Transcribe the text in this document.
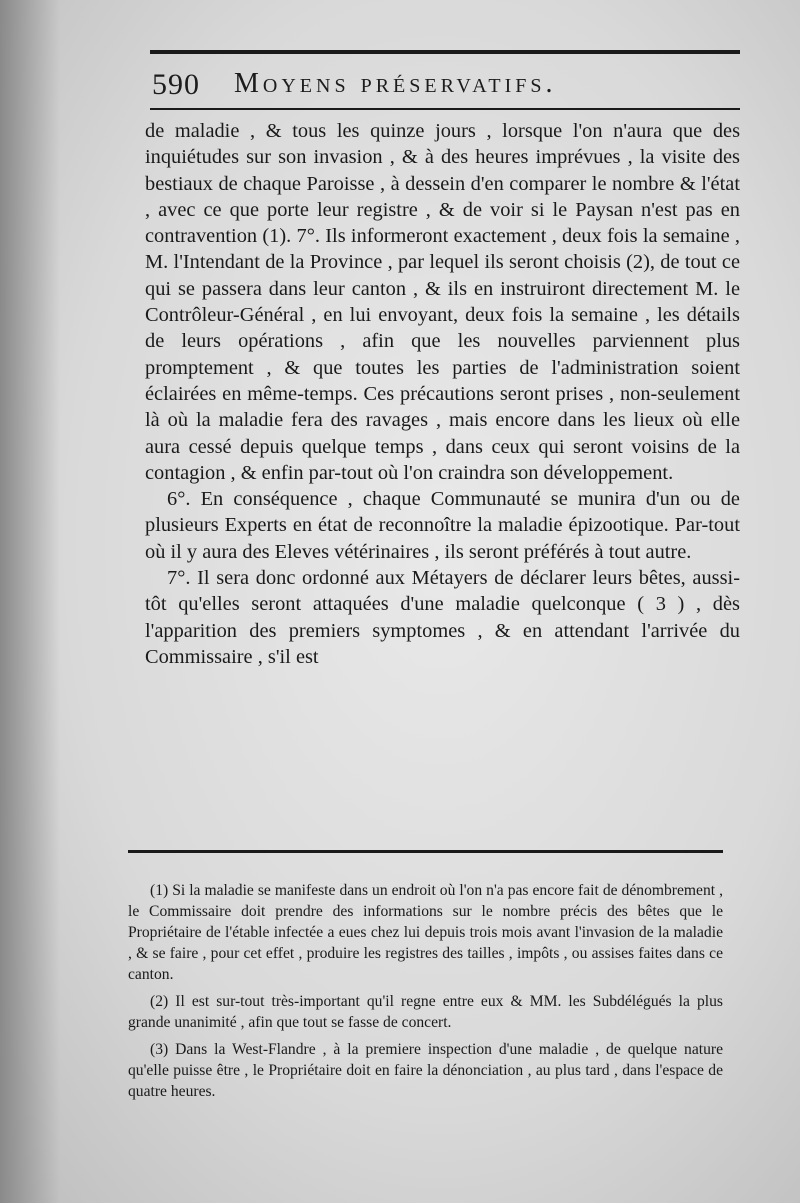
590 Moyens préservatifs.

de maladie , & tous les quinze jours , lorsque l'on n'aura que des inquiétudes sur son invasion , & à des heures imprévues , la visite des bestiaux de chaque Paroisse , à dessein d'en comparer le nombre & l'état , avec ce que porte leur registre , & de voir si le Paysan n'est pas en contravention (1). 7°. Ils informeront exactement , deux fois la semaine , M. l'Intendant de la Province , par lequel ils seront choisis (2), de tout ce qui se passera dans leur canton , & ils en instruiront directement M. le Contrôleur-Général , en lui envoyant, deux fois la semaine , les détails de leurs opérations , afin que les nouvelles parviennent plus promptement , & que toutes les parties de l'administration soient éclairées en même-temps. Ces précautions seront prises , non-seulement là où la maladie fera des ravages , mais encore dans les lieux où elle aura cessé depuis quelque temps , dans ceux qui seront voisins de la contagion , & enfin par-tout où l'on craindra son développement.

6°. En conséquence , chaque Communauté se munira d'un ou de plusieurs Experts en état de reconnoître la maladie épizootique. Par-tout où il y aura des Eleves vétérinaires , ils seront préférés à tout autre.

7°. Il sera donc ordonné aux Métayers de déclarer leurs bêtes, aussi-tôt qu'elles seront attaquées d'une maladie quelconque ( 3 ) , dès l'apparition des premiers symptomes , & en attendant l'arrivée du Commissaire , s'il est

(1) Si la maladie se manifeste dans un endroit où l'on n'a pas encore fait de dénombrement , le Commissaire doit prendre des informations sur le nombre précis des bêtes que le Propriétaire de l'étable infectée a eues chez lui depuis trois mois avant l'invasion de la maladie , & se faire , pour cet effet , produire les registres des tailles , impôts , ou assises faites dans ce canton.

(2) Il est sur-tout très-important qu'il regne entre eux & MM. les Subdélégués la plus grande unanimité , afin que tout se fasse de concert.

(3) Dans la West-Flandre , à la premiere inspection d'une maladie , de quelque nature qu'elle puisse être , le Propriétaire doit en faire la dénonciation , au plus tard , dans l'espace de quatre heures.
